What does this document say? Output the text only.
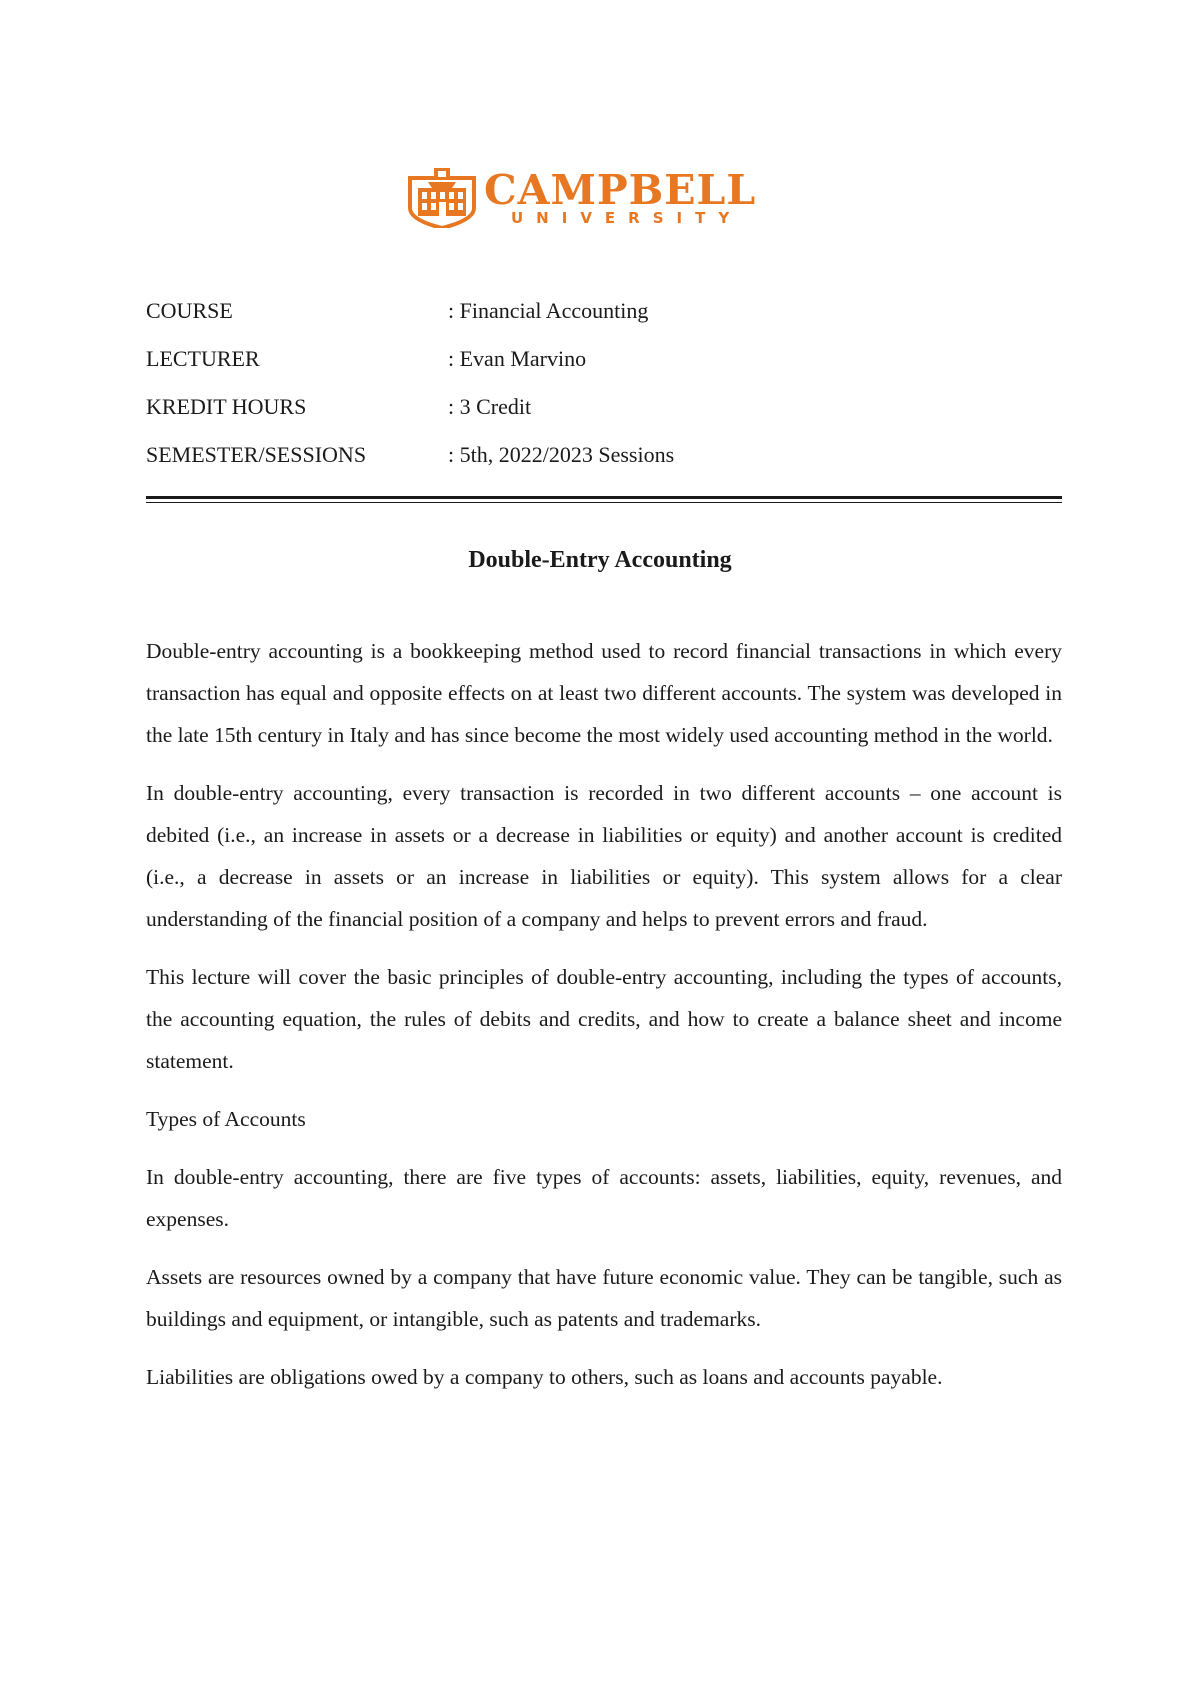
CAMPBELL
UNIVERSITY
COURSE	: Financial Accounting
LECTURER	: Evan Marvino
KREDIT HOURS	: 3 Credit
SEMESTER/SESSIONS	: 5th, 2022/2023 Sessions
Double-Entry Accounting

Double-entry accounting is a bookkeeping method used to record financial transactions in which every transaction has equal and opposite effects on at least two different accounts. The system was developed in the late 15th century in Italy and has since become the most widely used accounting method in the world.

In double-entry accounting, every transaction is recorded in two different accounts – one account is debited (i.e., an increase in assets or a decrease in liabilities or equity) and another account is credited (i.e., a decrease in assets or an increase in liabilities or equity). This system allows for a clear understanding of the financial position of a company and helps to prevent errors and fraud.

This lecture will cover the basic principles of double-entry accounting, including the types of accounts, the accounting equation, the rules of debits and credits, and how to create a balance sheet and income statement.

Types of Accounts

In double-entry accounting, there are five types of accounts: assets, liabilities, equity, revenues, and expenses.

Assets are resources owned by a company that have future economic value. They can be tangible, such as buildings and equipment, or intangible, such as patents and trademarks.

Liabilities are obligations owed by a company to others, such as loans and accounts payable.
